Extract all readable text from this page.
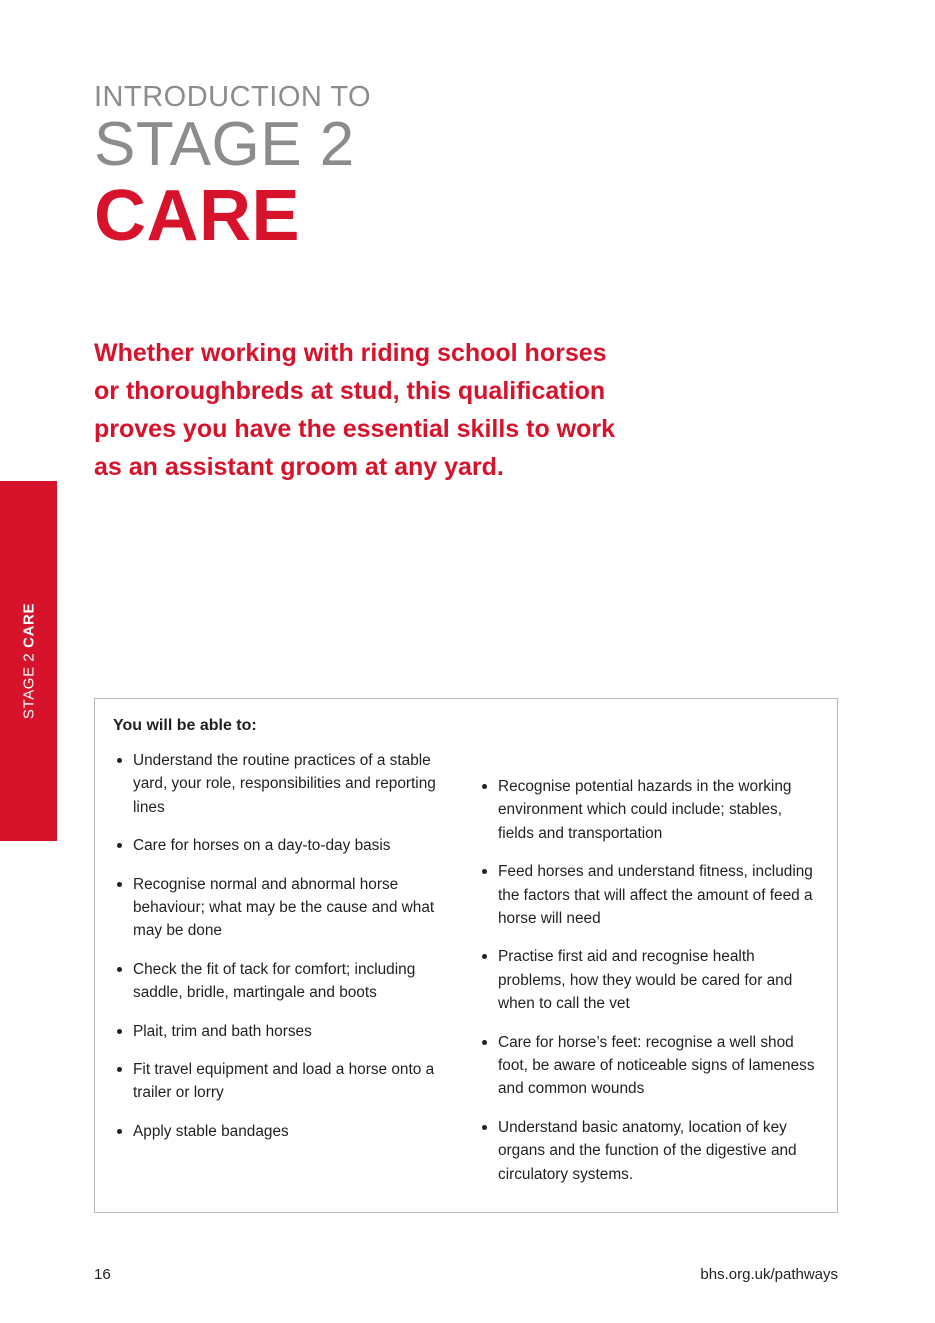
STAGE 2 CARE
INTRODUCTION TO
STAGE 2
CARE
Whether working with riding school horses or thoroughbreds at stud, this qualification proves you have the essential skills to work as an assistant groom at any yard.
You will be able to:
Understand the routine practices of a stable yard, your role, responsibilities and reporting lines
Care for horses on a day-to-day basis
Recognise normal and abnormal horse behaviour; what may be the cause and what may be done
Check the fit of tack for comfort; including saddle, bridle, martingale and boots
Plait, trim and bath horses
Fit travel equipment and load a horse onto a trailer or lorry
Apply stable bandages
Recognise potential hazards in the working environment which could include; stables, fields and transportation
Feed horses and understand fitness, including the factors that will affect the amount of feed a horse will need
Practise first aid and recognise health problems, how they would be cared for and when to call the vet
Care for horse’s feet: recognise a well shod foot, be aware of noticeable signs of lameness and common wounds
Understand basic anatomy, location of key organs and the function of the digestive and circulatory systems.
16	bhs.org.uk/pathways
